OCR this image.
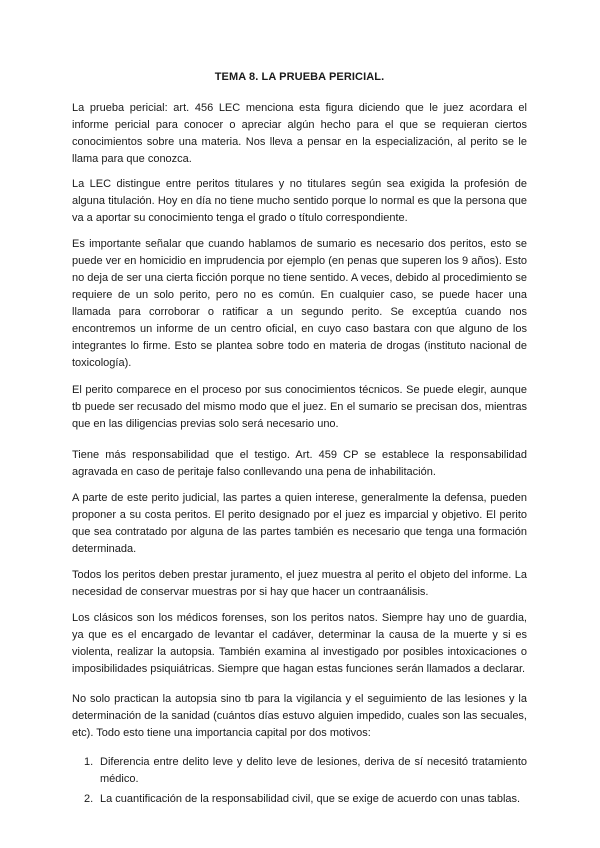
TEMA 8. LA PRUEBA PERICIAL.

La prueba pericial: art. 456 LEC menciona esta figura diciendo que le juez acordara el informe pericial para conocer o apreciar algún hecho para el que se requieran ciertos conocimientos sobre una materia. Nos lleva a pensar en la especialización, al perito se le llama para que conozca.

La LEC distingue entre peritos titulares y no titulares según sea exigida la profesión de alguna titulación. Hoy en día no tiene mucho sentido porque lo normal es que la persona que va a aportar su conocimiento tenga el grado o título correspondiente.

Es importante señalar que cuando hablamos de sumario es necesario dos peritos, esto se puede ver en homicidio en imprudencia por ejemplo (en penas que superen los 9 años). Esto no deja de ser una cierta ficción porque no tiene sentido. A veces, debido al procedimiento se requiere de un solo perito, pero no es común. En cualquier caso, se puede hacer una llamada para corroborar o ratificar a un segundo perito. Se exceptúa cuando nos encontremos un informe de un centro oficial, en cuyo caso bastara con que alguno de los integrantes lo firme. Esto se plantea sobre todo en materia de drogas (instituto nacional de toxicología).

El perito comparece en el proceso por sus conocimientos técnicos. Se puede elegir, aunque tb puede ser recusado del mismo modo que el juez. En el sumario se precisan dos, mientras que en las diligencias previas solo será necesario uno.

Tiene más responsabilidad que el testigo. Art. 459 CP se establece la responsabilidad agravada en caso de peritaje falso conllevando una pena de inhabilitación.

A parte de este perito judicial, las partes a quien interese, generalmente la defensa, pueden proponer a su costa peritos. El perito designado por el juez es imparcial y objetivo. El perito que sea contratado por alguna de las partes también es necesario que tenga una formación determinada.

Todos los peritos deben prestar juramento, el juez muestra al perito el objeto del informe. La necesidad de conservar muestras por si hay que hacer un contraanálisis.

Los clásicos son los médicos forenses, son los peritos natos. Siempre hay uno de guardia, ya que es el encargado de levantar el cadáver, determinar la causa de la muerte y si es violenta, realizar la autopsia. También examina al investigado por posibles intoxicaciones o imposibilidades psiquiátricas. Siempre que hagan estas funciones serán llamados a declarar.

No solo practican la autopsia sino tb para la vigilancia y el seguimiento de las lesiones y la determinación de la sanidad (cuántos días estuvo alguien impedido, cuales son las secuales, etc). Todo esto tiene una importancia capital por dos motivos:

1. Diferencia entre delito leve y delito leve de lesiones, deriva de sí necesitó tratamiento médico.
2. La cuantificación de la responsabilidad civil, que se exige de acuerdo con unas tablas.
